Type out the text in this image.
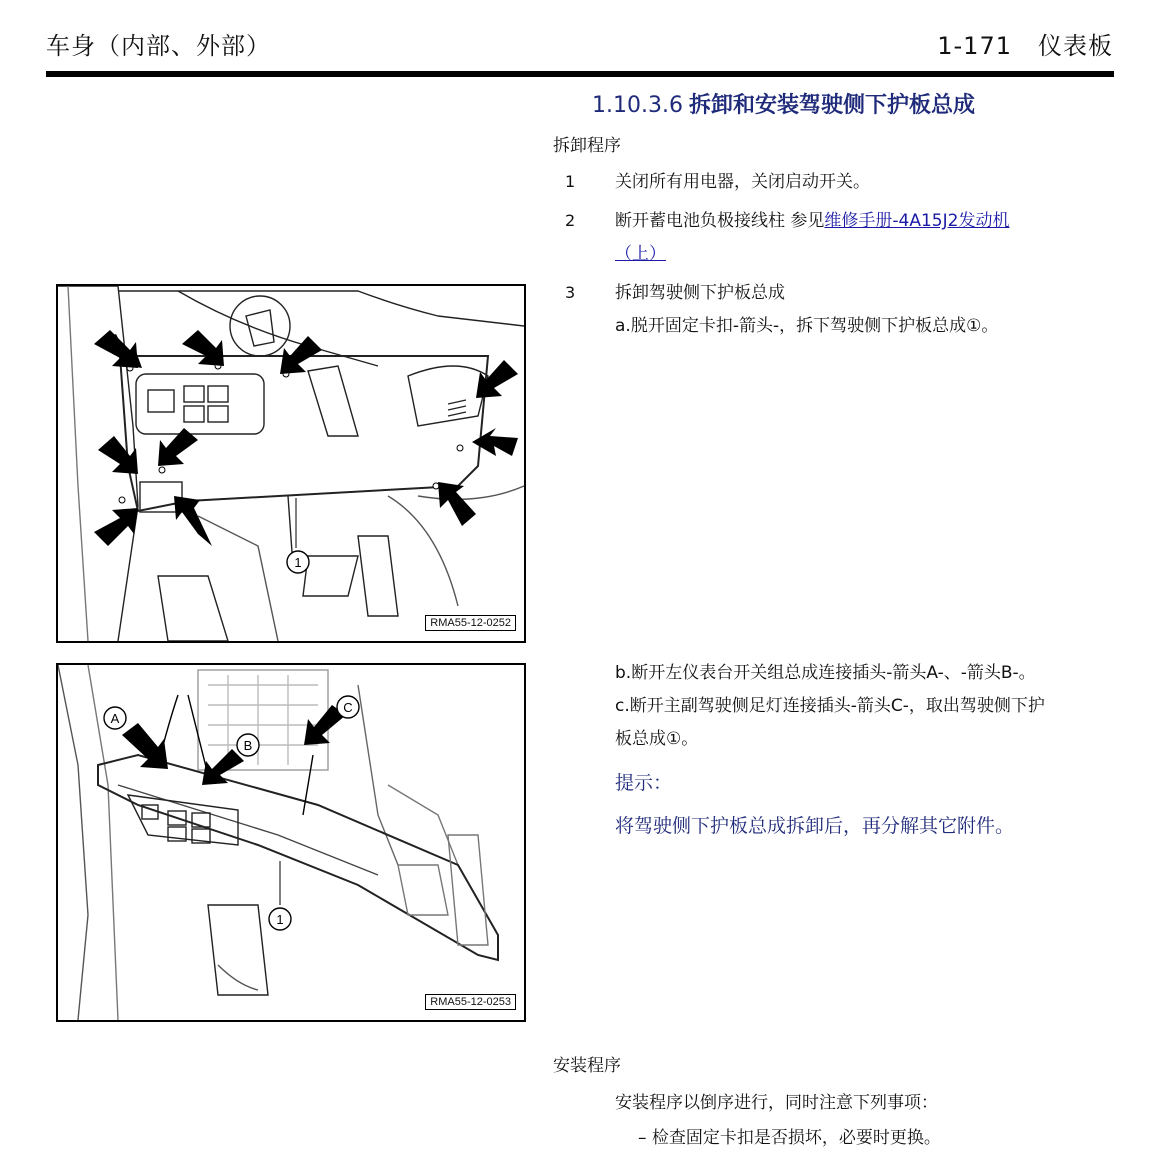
车身（内部、外部）	1-171 仪表板
1.10.3.6 拆卸和安装驾驶侧下护板总成
拆卸程序
1 关闭所有用电器，关闭启动开关。
2 断开蓄电池负极接线柱 参见维修手册-4A15J2发动机
（上）
3 拆卸驾驶侧下护板总成
a.脱开固定卡扣-箭头-，拆下驾驶侧下护板总成①。
1
RMA55-12-0252
A
B
C
1
RMA55-12-0253
b.断开左仪表台开关组总成连接插头-箭头A-、-箭头B-。
c.断开主副驾驶侧足灯连接插头-箭头C-，取出驾驶侧下护
板总成①。
提示：
将驾驶侧下护板总成拆卸后，再分解其它附件。
安装程序
安装程序以倒序进行，同时注意下列事项：
– 检查固定卡扣是否损坏，必要时更换。
